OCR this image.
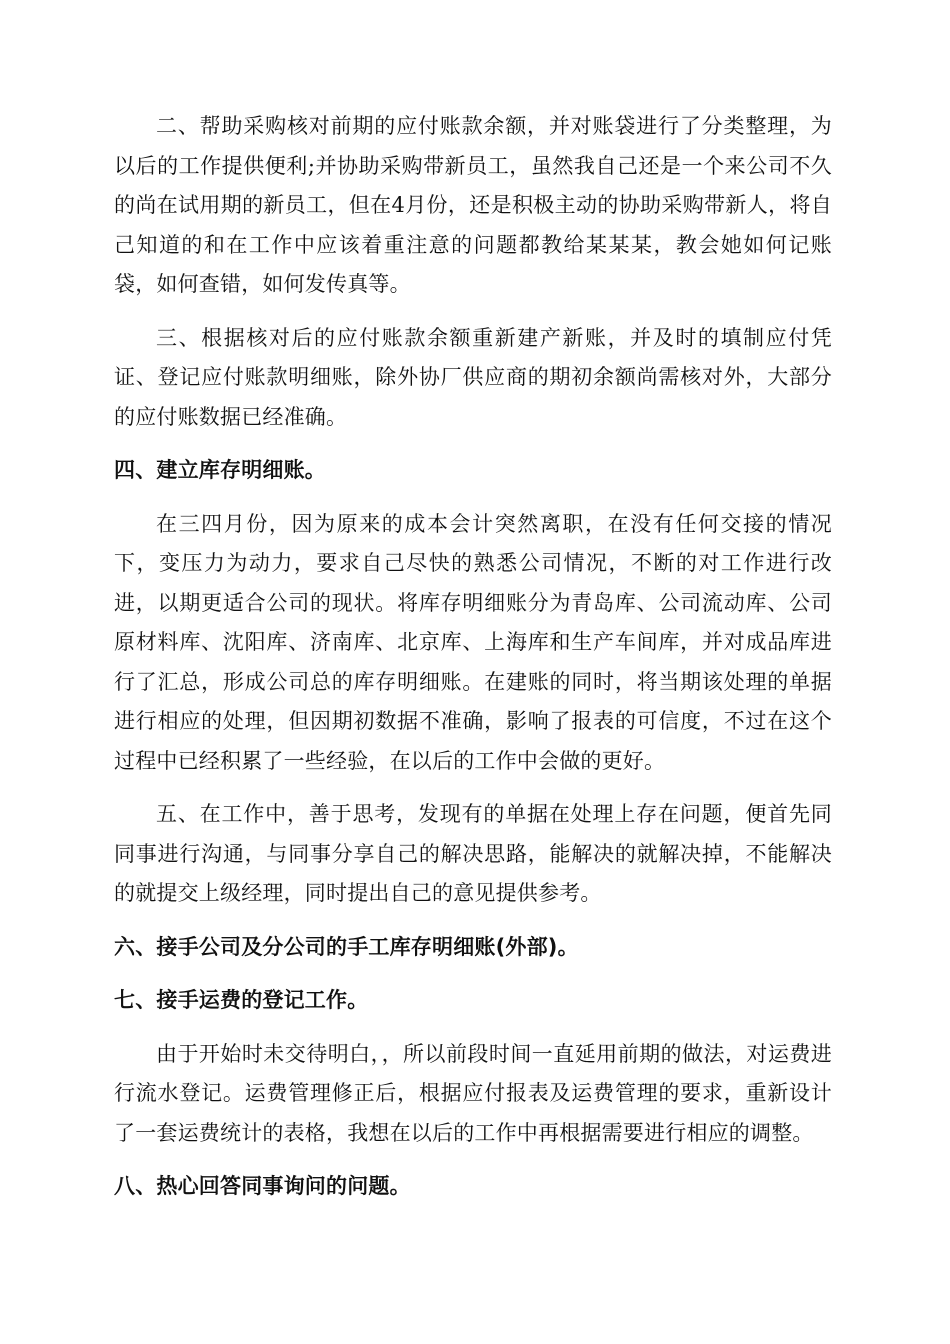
二、帮助采购核对前期的应付账款余额，并对账袋进行了分类整理，为以后的工作提供便利;并协助采购带新员工，虽然我自己还是一个来公司不久的尚在试用期的新员工，但在4月份，还是积极主动的协助采购带新人，将自己知道的和在工作中应该着重注意的问题都教给某某某，教会她如何记账袋，如何查错，如何发传真等。

三、根据核对后的应付账款余额重新建产新账，并及时的填制应付凭证、登记应付账款明细账，除外协厂供应商的期初余额尚需核对外，大部分的应付账数据已经准确。

四、建立库存明细账。

在三四月份，因为原来的成本会计突然离职，在没有任何交接的情况下，变压力为动力，要求自己尽快的熟悉公司情况，不断的对工作进行改进，以期更适合公司的现状。将库存明细账分为青岛库、公司流动库、公司原材料库、沈阳库、济南库、北京库、上海库和生产车间库，并对成品库进行了汇总，形成公司总的库存明细账。在建账的同时，将当期该处理的单据进行相应的处理，但因期初数据不准确，影响了报表的可信度，不过在这个过程中已经积累了一些经验，在以后的工作中会做的更好。

五、在工作中，善于思考，发现有的单据在处理上存在问题，便首先同同事进行沟通，与同事分享自己的解决思路，能解决的就解决掉，不能解决的就提交上级经理，同时提出自己的意见提供参考。

六、接手公司及分公司的手工库存明细账(外部)。

七、接手运费的登记工作。

由于开始时未交待明白，，所以前段时间一直延用前期的做法，对运费进行流水登记。运费管理修正后，根据应付报表及运费管理的要求，重新设计了一套运费统计的表格，我想在以后的工作中再根据需要进行相应的调整。

八、热心回答同事询问的问题。
